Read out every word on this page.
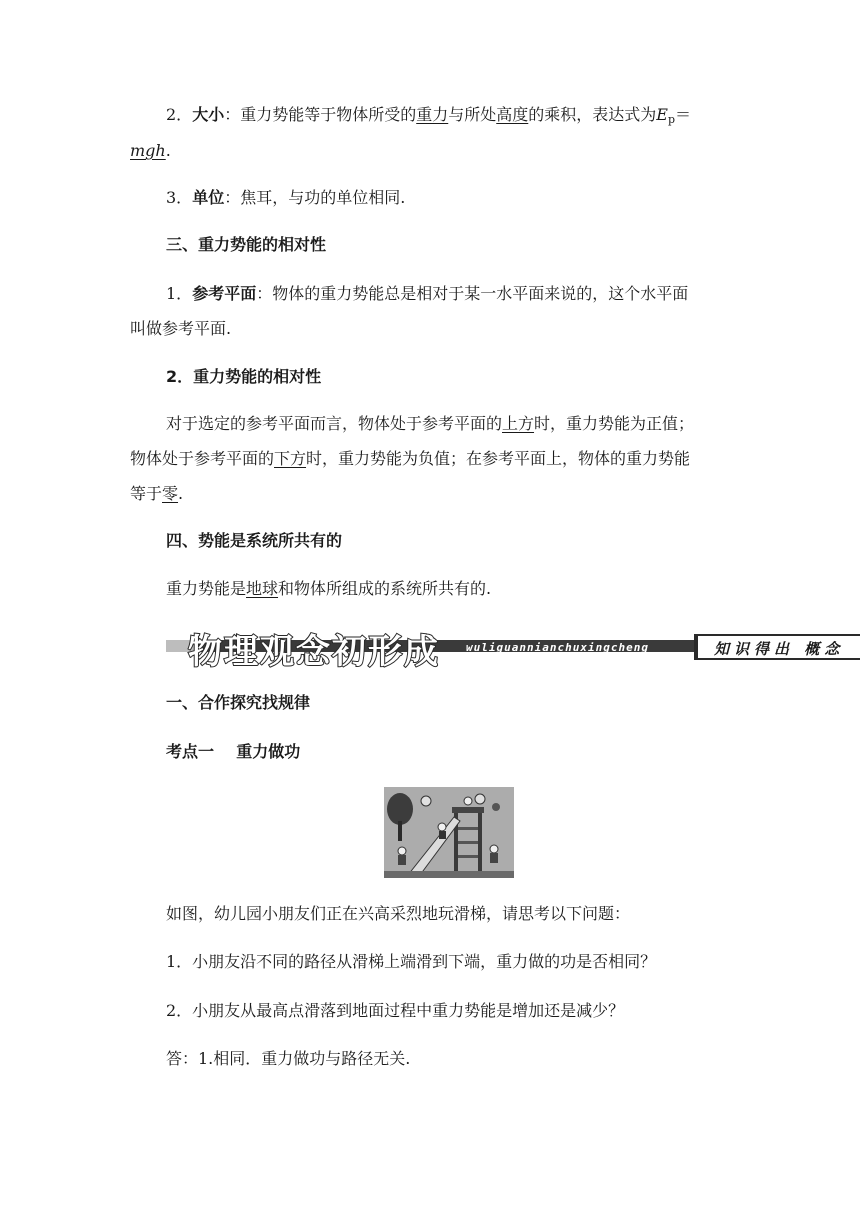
2．大小：重力势能等于物体所受的重力与所处高度的乘积，表达式为$E_p=$
mgh.
3．单位：焦耳，与功的单位相同.
三、重力势能的相对性
1．参考平面：物体的重力势能总是相对于某一水平面来说的，这个水平面
叫做参考平面.
2．重力势能的相对性
对于选定的参考平面而言，物体处于参考平面的上方时，重力势能为正值；
物体处于参考平面的下方时，重力势能为负值；在参考平面上，物体的重力势能
等于零.
四、势能是系统所共有的
重力势能是地球和物体所组成的系统所共有的.
物理观念初形成 wuliguannianchuxingcheng	知识得出 概念
一、合作探究找规律
考点一    重力做功
如图，幼儿园小朋友们正在兴高采烈地玩滑梯，请思考以下问题：
1．小朋友沿不同的路径从滑梯上端滑到下端，重力做的功是否相同？
2．小朋友从最高点滑落到地面过程中重力势能是增加还是减少？
答：1.相同．重力做功与路径无关.
